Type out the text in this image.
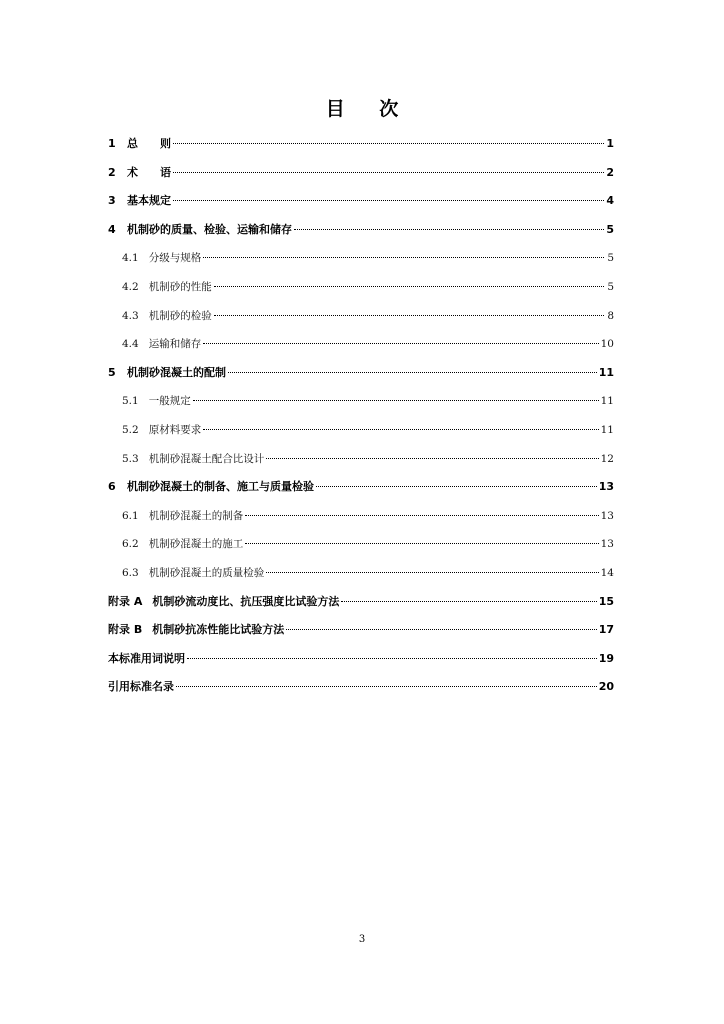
目 次
1 总　　则	1
2 术　　语	2
3 基本规定	4
4 机制砂的质量、检验、运输和储存	5
4.1 分级与规格	5
4.2 机制砂的性能	5
4.3 机制砂的检验	8
4.4 运输和储存	10
5 机制砂混凝土的配制	11
5.1 一般规定	11
5.2 原材料要求	11
5.3 机制砂混凝土配合比设计	12
6 机制砂混凝土的制备、施工与质量检验	13
6.1 机制砂混凝土的制备	13
6.2 机制砂混凝土的施工	13
6.3 机制砂混凝土的质量检验	14
附录 A 机制砂流动度比、抗压强度比试验方法	15
附录 B 机制砂抗冻性能比试验方法	17
本标准用词说明	19
引用标准名录	20
3
